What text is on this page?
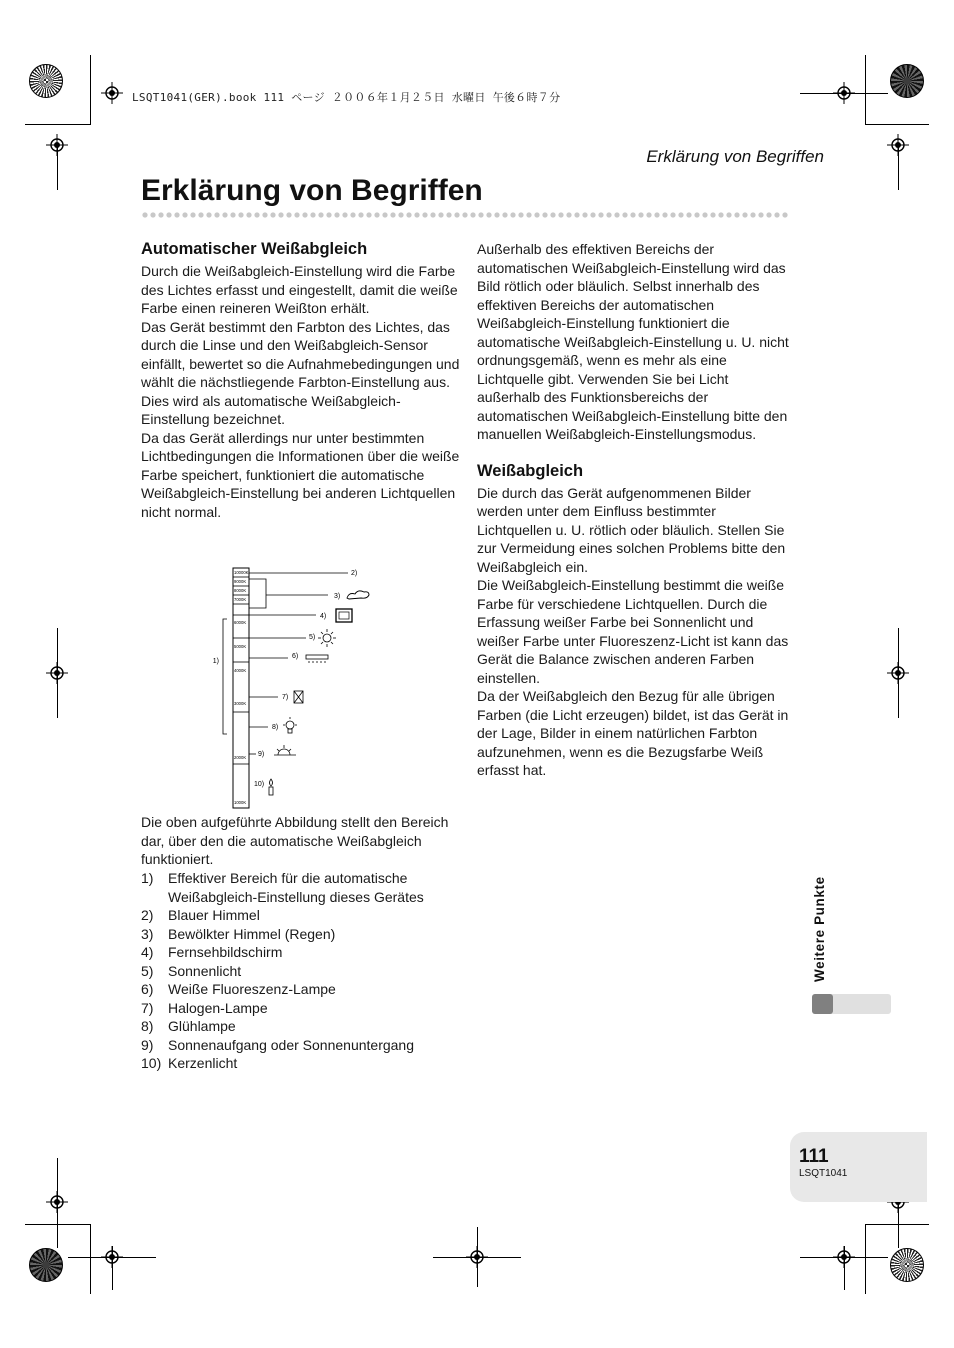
LSQT1041(GER).book 111 ページ ２００６年１月２５日 水曜日 午後６時７分
Erklärung von Begriffen
Erklärung von Begriffen
Automatischer Weißabgleich

Durch die Weißabgleich-Einstellung wird die Farbe des Lichtes erfasst und eingestellt, damit die weiße Farbe einen reineren Weißton erhält.

Das Gerät bestimmt den Farbton des Lichtes, das durch die Linse und den Weißabgleich-Sensor einfällt, bewertet so die Aufnahmebedingungen und wählt die nächstliegende Farbton-Einstellung aus.

Dies wird als automatische Weißabgleich-Einstellung bezeichnet.

Da das Gerät allerdings nur unter bestimmten Lichtbedingungen die Informationen über die weiße Farbe speichert, funktioniert die automatische Weißabgleich-Einstellung bei anderen Lichtquellen nicht normal.

10000K
9000K
8000K
7000K
6000K
5000K
4000K
3000K
2000K
1000K
1)
2)
3)
4)
5)
6)
7)
8)
9)
10)
Die oben aufgeführte Abbildung stellt den Bereich dar, über den die automatische Weißabgleich funktioniert.
1)	Effektiver Bereich für die automatische Weißabgleich-Einstellung dieses Gerätes
2)	Blauer Himmel
3)	Bewölkter Himmel (Regen)
4)	Fernsehbildschirm
5)	Sonnenlicht
6)	Weiße Fluoreszenz-Lampe
7)	Halogen-Lampe
8)	Glühlampe
9)	Sonnenaufgang oder Sonnenuntergang
10) Kerzenlicht
Außerhalb des effektiven Bereichs der automatischen Weißabgleich-Einstellung wird das Bild rötlich oder bläulich. Selbst innerhalb des effektiven Bereichs der automatischen Weißabgleich-Einstellung funktioniert die automatische Weißabgleich-Einstellung u. U. nicht ordnungsgemäß, wenn es mehr als eine Lichtquelle gibt. Verwenden Sie bei Licht außerhalb des Funktionsbereichs der automatischen Weißabgleich-Einstellung bitte den manuellen Weißabgleich-Einstellungsmodus.
Weißabgleich

Die durch das Gerät aufgenommenen Bilder werden unter dem Einfluss bestimmter Lichtquellen u. U. rötlich oder bläulich. Stellen Sie zur Vermeidung eines solchen Problems bitte den Weißabgleich ein.

Die Weißabgleich-Einstellung bestimmt die weiße Farbe für verschiedene Lichtquellen. Durch die Erfassung weißer Farbe bei Sonnenlicht und weißer Farbe unter Fluoreszenz-Licht ist kann das Gerät die Balance zwischen anderen Farben einstellen.

Da der Weißabgleich den Bezug für alle übrigen Farben (die Licht erzeugen) bildet, ist das Gerät in der Lage, Bilder in einem natürlichen Farbton aufzunehmen, wenn es die Bezugsfarbe Weiß erfasst hat.

Weitere Punkte
111
LSQT1041
